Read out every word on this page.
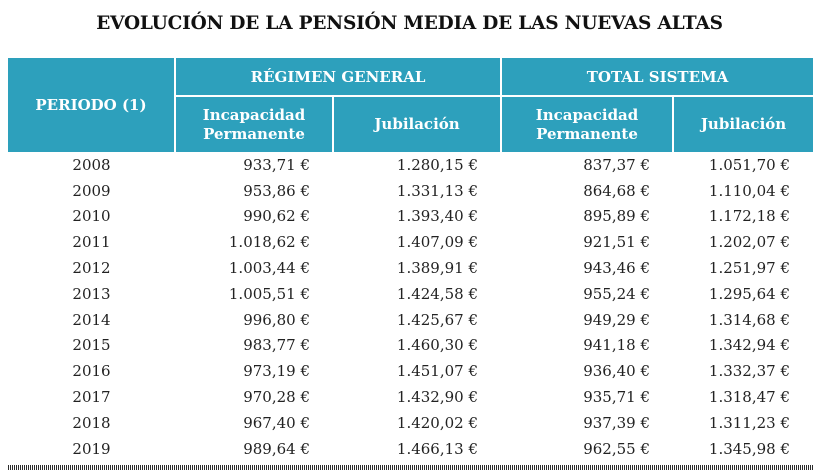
EVOLUCIÓN DE LA PENSIÓN MEDIA DE LAS NUEVAS ALTAS
PERIODO (1)	RÉGIMEN GENERAL		TOTAL SISTEMA	
	Incapacidad Permanente	Jubilación	Incapacidad Permanente	Jubilación
2008	933,71 €	1.280,15 €	837,37 €	1.051,70 €
2009	953,86 €	1.331,13 €	864,68 €	1.110,04 €
2010	990,62 €	1.393,40 €	895,89 €	1.172,18 €
2011	1.018,62 €	1.407,09 €	921,51 €	1.202,07 €
2012	1.003,44 €	1.389,91 €	943,46 €	1.251,97 €
2013	1.005,51 €	1.424,58 €	955,24 €	1.295,64 €
2014	996,80 €	1.425,67 €	949,29 €	1.314,68 €
2015	983,77 €	1.460,30 €	941,18 €	1.342,94 €
2016	973,19 €	1.451,07 €	936,40 €	1.332,37 €
2017	970,28 €	1.432,90 €	935,71 €	1.318,47 €
2018	967,40 €	1.420,02 €	937,39 €	1.311,23 €
2019	989,64 €	1.466,13 €	962,55 €	1.345,98 €
